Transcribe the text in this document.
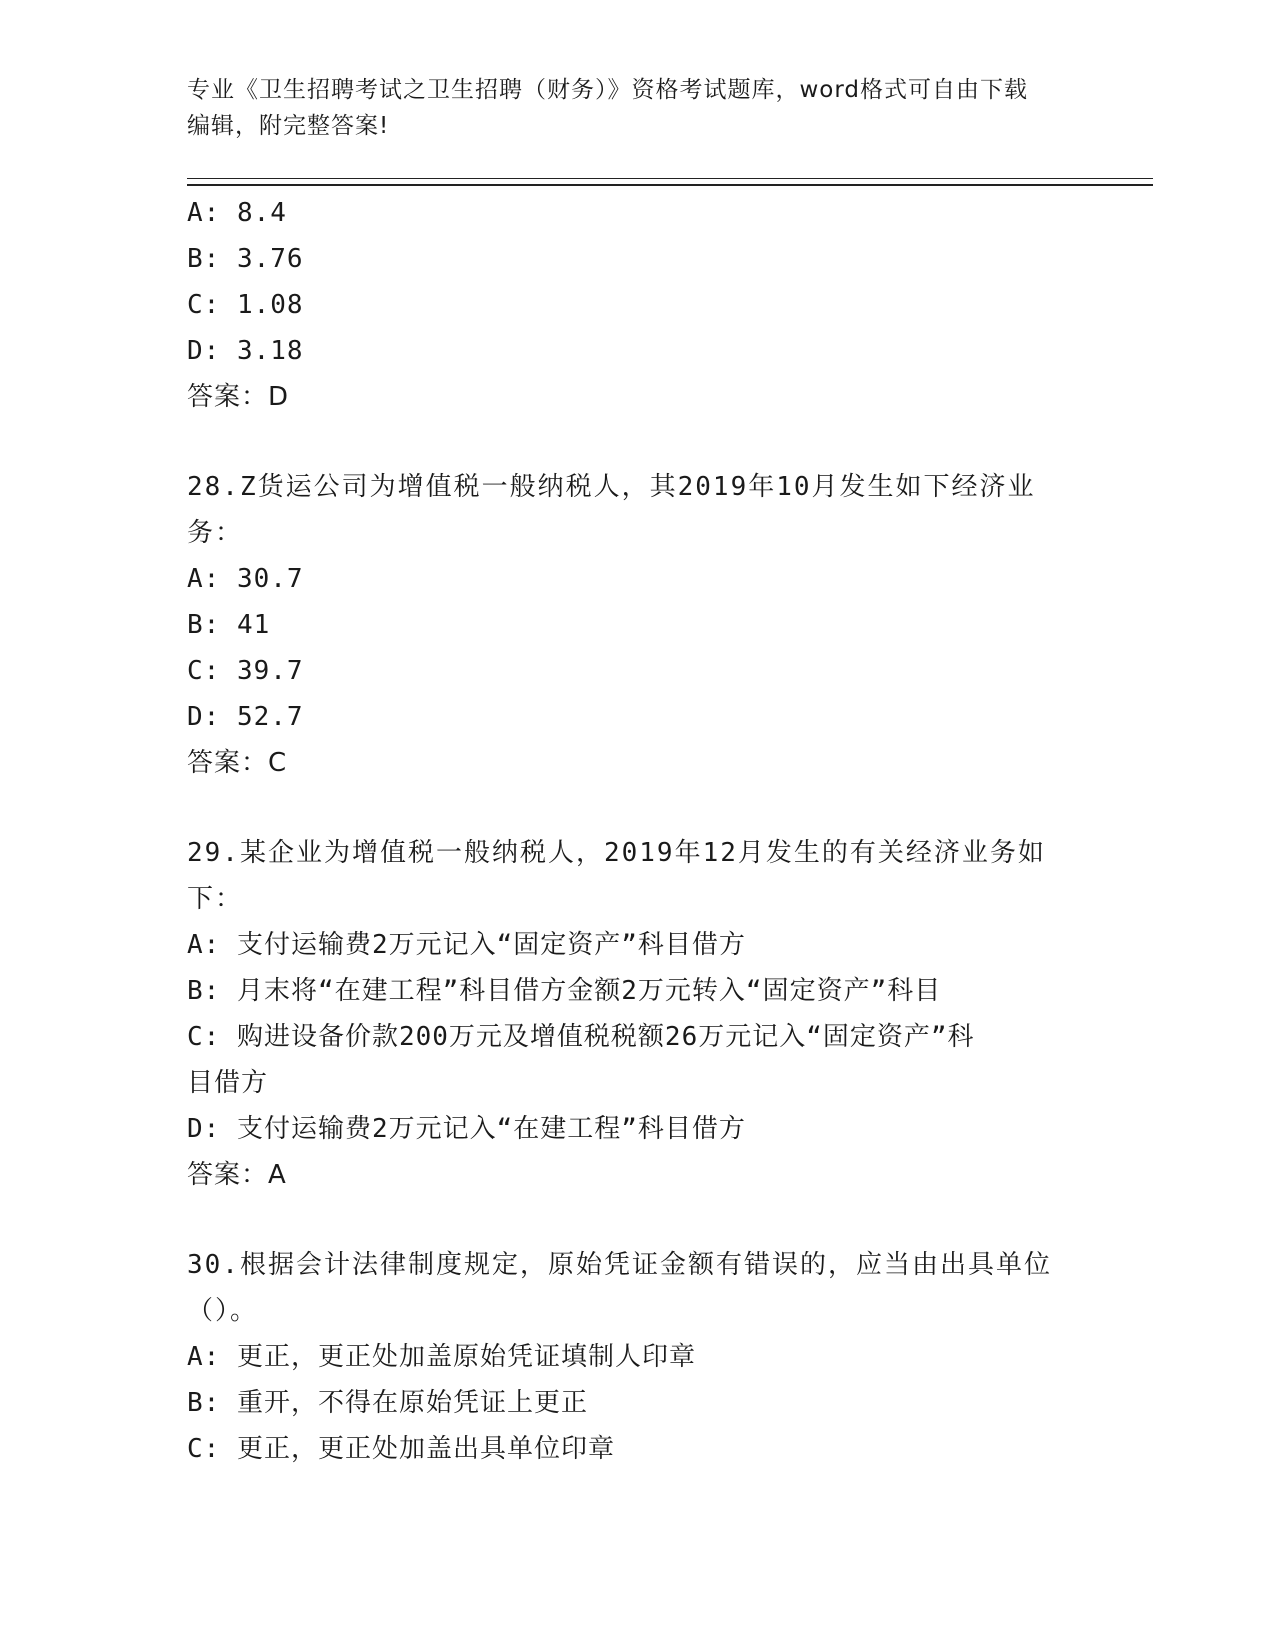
专业《卫生招聘考试之卫生招聘（财务）》资格考试题库，word格式可自由下载
编辑，附完整答案!
A: 8.4
B: 3.76
C: 1.08
D: 3.18
答案：D
28.Z货运公司为增值税一般纳税人，其2019年10月发生如下经济业
务：
A: 30.7
B: 41
C: 39.7
D: 52.7
答案：C
29.某企业为增值税一般纳税人，2019年12月发生的有关经济业务如
下：
A: 支付运输费2万元记入“固定资产”科目借方
B: 月末将“在建工程”科目借方金额2万元转入“固定资产”科目
C: 购进设备价款200万元及增值税税额26万元记入“固定资产”科
目借方
D: 支付运输费2万元记入“在建工程”科目借方
答案：A
30.根据会计法律制度规定，原始凭证金额有错误的，应当由出具单位
（）。
A: 更正，更正处加盖原始凭证填制人印章
B: 重开，不得在原始凭证上更正
C: 更正，更正处加盖出具单位印章
